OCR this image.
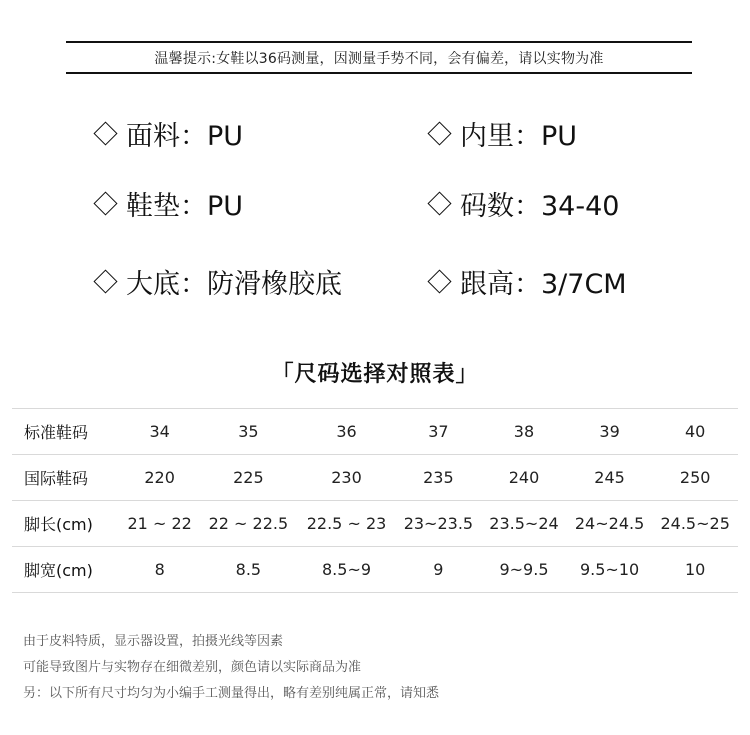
温馨提示:女鞋以36码测量，因测量手势不同，会有偏差，请以实物为准
面料：PU	内里：PU
鞋垫：PU	码数：34-40
大底：防滑橡胶底	跟高：3/7CM
「尺码选择对照表」
标准鞋码	34	35	36	37	38	39	40
国际鞋码	220	225	230	235	240	245	250
脚长(cm)	21 ~ 22	22 ~ 22.5	22.5 ~ 23	23~23.5	23.5~24	24~24.5	24.5~25
脚宽(cm)	8	8.5	8.5~9	9	9~9.5	9.5~10	10
由于皮料特质，显示器设置，拍摄光线等因素
可能导致图片与实物存在细微差别，颜色请以实际商品为准
另：以下所有尺寸均匀为小编手工测量得出，略有差别纯属正常，请知悉
